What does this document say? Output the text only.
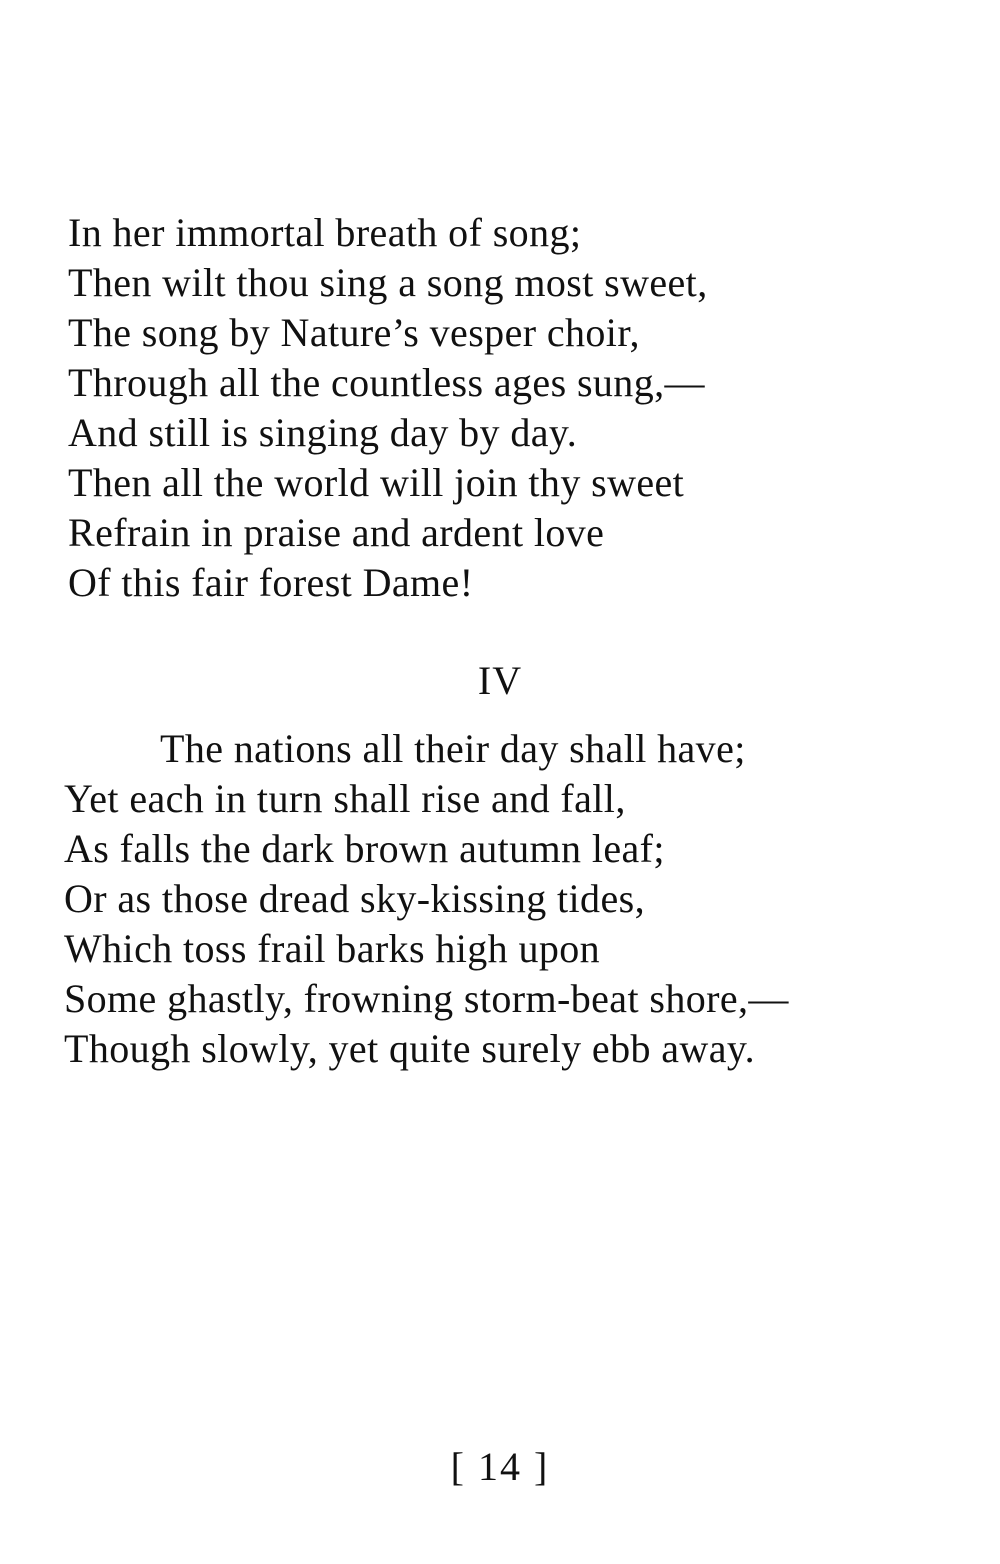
In her immortal breath of song;
Then wilt thou sing a song most sweet,
The song by Nature’s vesper choir,
Through all the countless ages sung,—
And still is singing day by day.
Then all the world will join thy sweet
Refrain in praise and ardent love
Of this fair forest Dame!
IV
The nations all their day shall have;
Yet each in turn shall rise and fall,
As falls the dark brown autumn leaf;
Or as those dread sky-kissing tides,
Which toss frail barks high upon
Some ghastly, frowning storm-beat shore,—
Though slowly, yet quite surely ebb away.
[ 14 ]
